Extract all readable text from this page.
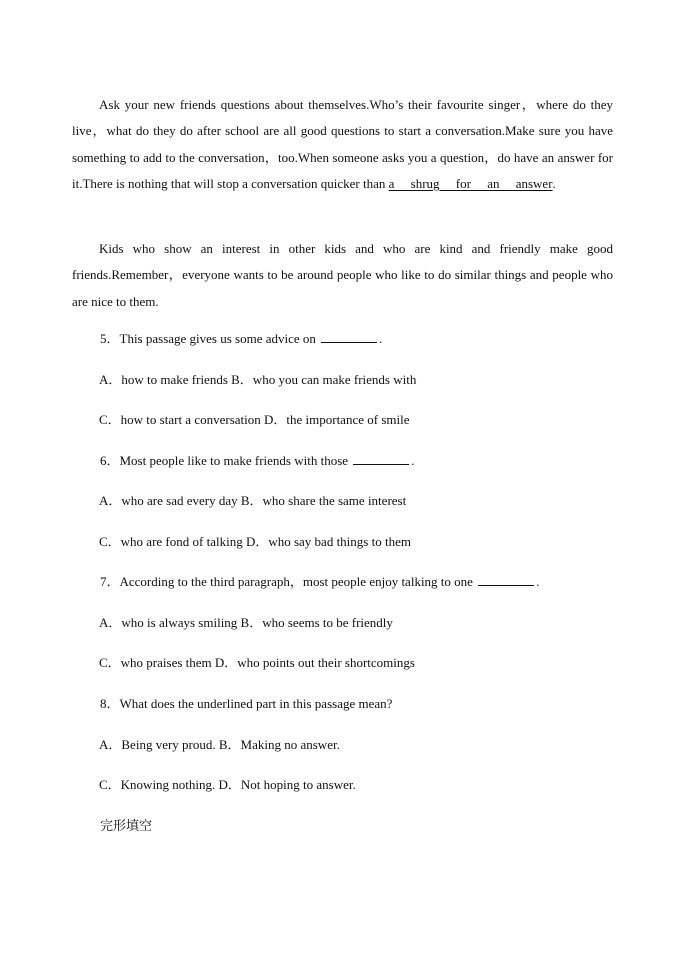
Ask your new friends questions about themselves.Who’s their favourite singer，where do they live，what do they do after school are all good questions to start a conversation.Make sure you have something to add to the conversation，too.When someone asks you a question，do have an answer for it.There is nothing that will stop a conversation quicker than a shrug for an answer.

Kids who show an interest in other kids and who are kind and friendly make good friends.Remember，everyone wants to be around people who like to do similar things and people who are nice to them.

5．This passage gives us some advice on	.

A．how to make friends B．who you can make friends with

C．how to start a conversation D．the importance of smile

6．Most people like to make friends with those	.

A．who are sad every day B．who share the same interest

C．who are fond of talking D．who say bad things to them

7．According to the third paragraph，most people enjoy talking to one	.

A．who is always smiling B．who seems to be friendly

C．who praises them D．who points out their shortcomings

8．What does the underlined part in this passage mean?

A．Being very proud. B．Making no answer.

C．Knowing nothing. D．Not hoping to answer.

完形填空
